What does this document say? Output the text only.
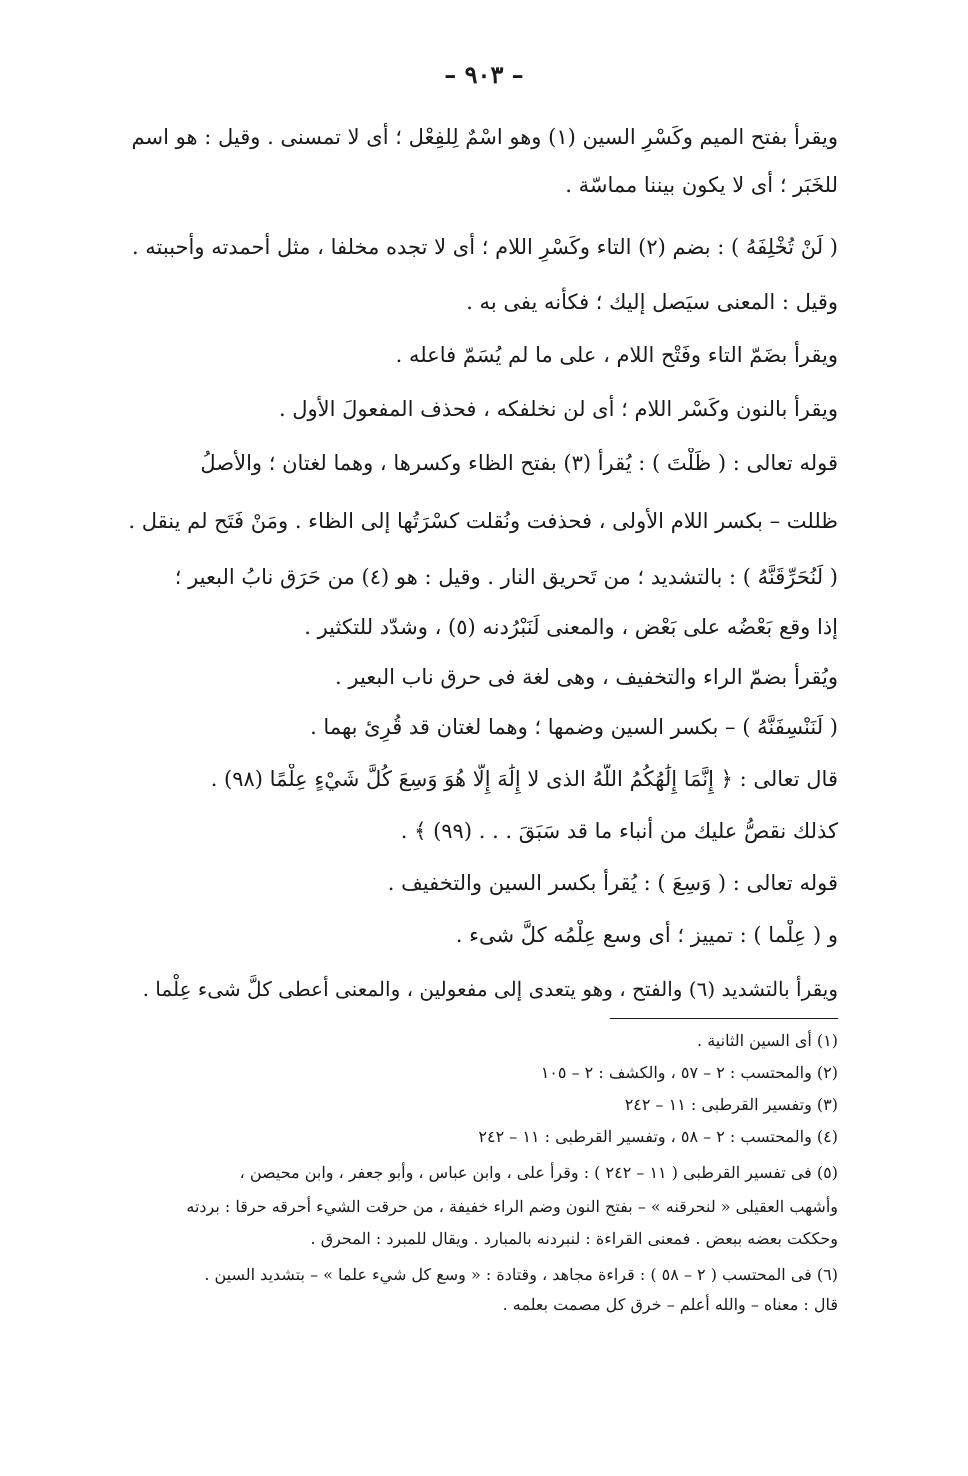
– ٩٠٣ –
ويقرأ بفتح الميم وكَسْرِ السين (١) وهو اسْمٌ لِلفِعْل ؛ أى لا تمسنى . وقيل : هو اسم
للخَبَر ؛ أى لا يكون بيننا مماسّة .
( لَنْ تُخْلِفَهُ ) : بضم (٢) التاء وكَسْرِ اللام ؛ أى لا تجده مخلفا ، مثل أحمدته وأحببته .
وقيل : المعنى سيَصل إليك ؛ فكأنه يفى به .
ويقرأ بضَمّ التاء وفَتْح اللام ، على ما لم يُسَمّ فاعله .
ويقرأ بالنون وكَسْر اللام ؛ أى لن نخلفكه ، فحذف المفعولَ الأول .
قوله تعالى : ( ظَلْتَ ) : يُقرأ (٣) بفتح الظاء وكسرها ، وهما لغتان ؛ والأصلُ
ظللت – بكسر اللام الأولى ، فحذفت ونُقلت كسْرَتُها إلى الظاء . ومَنْ فَتَح لم ينقل .
( لَنُحَرِّقَنَّهُ ) : بالتشديد ؛ من تَحريق النار . وقيل : هو (٤) من حَرَق نابُ البعير ؛
إذا وقع بَعْضُه على بَعْض ، والمعنى لَنَبْرُدنه (٥) ، وشدّد للتكثير .
ويُقرأ بضمّ الراء والتخفيف ، وهى لغة فى حرق ناب البعير .
( لَنَنْسِفَنَّهُ ) – بكسر السين وضمها ؛ وهما لغتان قد قُرِئ بهما .
قال تعالى : ﴿ إِنَّمَا إِلَٰهُكُمُ اللَّهُ الذى لا إِلَٰهَ إِلَّا هُوَ وَسِعَ كُلَّ شَيْءٍ عِلْمًا (٩٨) .
كذلك نقصُّ عليك من أنباء ما قد سَبَقَ . . . (٩٩) ﴾ .
قوله تعالى : ( وَسِعَ ) : يُقرأ بكسر السين والتخفيف .
و ( عِلْما ) : تمييز ؛ أى وسع عِلْمُه كلَّ شىء .
ويقرأ بالتشديد (٦) والفتح ، وهو يتعدى إلى مفعولين ، والمعنى أعطى كلَّ شىء عِلْما .
(١) أى السين الثانية .
(٢) والمحتسب : ٢ – ٥٧ ، والكشف : ٢ – ١٠٥
(٣) وتفسير القرطبى : ١١ – ٢٤٢
(٤) والمحتسب : ٢ – ٥٨ ، وتفسير القرطبى : ١١ – ٢٤٢
(٥) فى تفسير القرطبى ( ١١ – ٢٤٢ ) : وقرأ على ، وابن عباس ، وأبو جعفر ، وابن محيصن ،
وأشهب العقيلى « لنحرقنه » – بفتح النون وضم الراء خفيفة ، من حرقت الشيء أحرقه حرقا : بردته
وحككت بعضه ببعض . فمعنى القراءة : لنبردنه بالمبارد . ويقال للمبرد : المحرق .
(٦) فى المحتسب ( ٢ – ٥٨ ) : قراءة مجاهد ، وقتادة : « وسع كل شيء علما » – بتشديد السين .
قال : معناه – والله أعلم – خرق كل مصمت بعلمه .
